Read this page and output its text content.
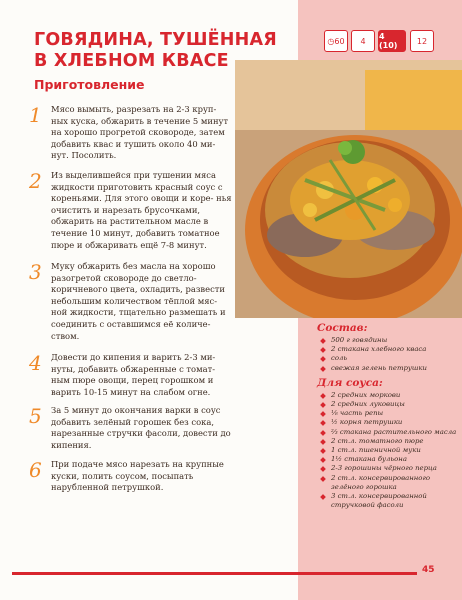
ГОВЯДИНА, ТУШЁННАЯ В ХЛЕБНОМ КВАСЕ
Приготовление
◷ 60 4 4 (10)	12
1	Мясо вымыть, разрезать на 2-3 круп- ных куска, обжарить в течение 5 минут на хорошо прогретой сковороде, затем добавить квас и тушить около 40 ми- нут. Посолить.

2	Из выделившейся при тушении мяса жидкости приготовить красный соус с кореньями. Для этого овощи и коре- нья очистить и нарезать брусочками, обжарить на растительном масле в течение 10 минут, добавить томатное пюре и обжаривать ещё 7-8 минут.

3	Муку обжарить без масла на хорошо разогретой сковороде до светло- коричневого цвета, охладить, развести небольшим количеством тёплой мяс- ной жидкости, тщательно размешать и соединить с оставшимся её количе- ством.

4	Довести до кипения и варить 2-3 ми- нуты, добавить обжаренные с томат- ным пюре овощи, перец горошком и варить 10-15 минут на слабом огне.

5	За 5 минут до окончания варки в соус добавить зелёный горошек без сока, нарезанные стручки фасоли, довести до кипения.

6	При подаче мясо нарезать на крупные куски, полить соусом, посыпать нарубленной петрушкой.

Состав:

500 г говядины
2 стакана хлебного кваса
соль
свежая зелень петрушки

Для соуса:

2 средних моркови
2 средних луковицы
⅛ часть репы
½ корня петрушки
⅔ стакана растительного масла
2 ст.л. томатного пюре
1 ст.л. пшеничной муки
1½ стакана бульона
2-3 горошины чёрного перца
2 ст.л. консервированного зелёного горошка
3 ст.л. консервированной стручковой фасоли
45
